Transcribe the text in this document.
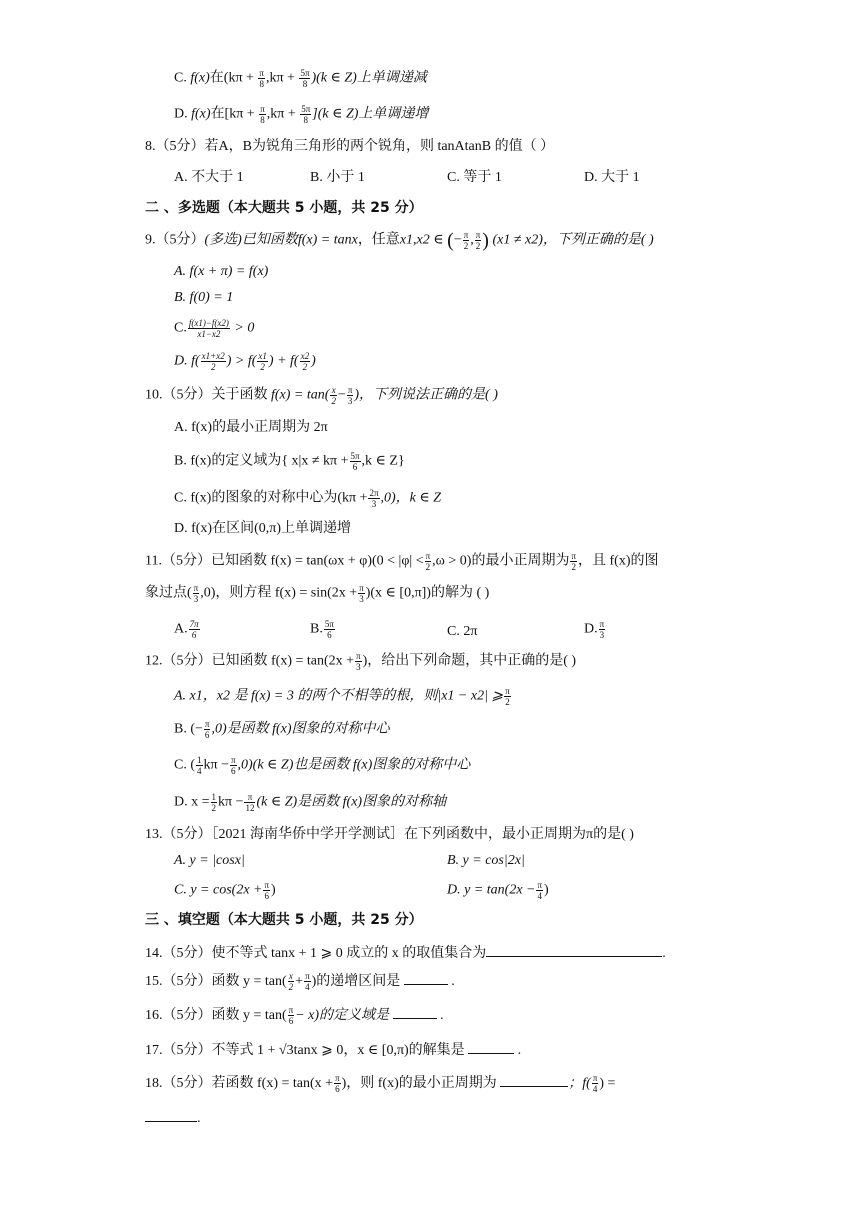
C. f(x)在$(k\pi + \frac{\pi}{8} ,k\pi + \frac{5\pi}{8} )(k$ ∈ Z)上单调递减
D. f(x)在$[k\pi + \frac{\pi}{8} ,k\pi + \frac{5\pi}{8} ](k$ ∈ Z)上单调递增
8.（5分）若A，B为锐角三角形的两个锐角，则 tanAtanB 的值（ ）
A. 不大于 1	B. 小于 1	C. 等于 1	D. 大于 1
二 、多选题（本大题共 5 小题，共 25 分）
9.（5分）(多选)已知函数f(x) = tanx，任意x1,x2 ∈ (− $\frac{\pi}{2}$ , $\frac{\pi}{2}$ ) (x1 ≠ x2)，下列正确的是( )
A. f(x + π) = f(x)
B. f(0) = 1
C. $\frac{f(x1)-f(x2)}{x1-x2} > 0$
D. $f( \frac{x1+x2}{2}$ ) > $f( \frac{x1}{2}$ ) + $f( \frac{x2}{2}$ )
10.（5分）关于函数 $f(x) = \tan( \frac{x}{2} - \frac{\pi}{3}$ )，下列说法正确的是( )
A. f(x)的最小正周期为 2π
B. f(x)的定义域为{ $x|x \ne k\pi + \frac{5\pi}{6} ,k$ ∈ Z}
C. f(x)的图象的对称中心为$(k\pi + \frac{2\pi}{3} ,0)$，k ∈ Z
D. f(x)在区间(0,π)上单调递增
11.（5分）已知函数 $f(x) = \tan(\omega x + \varphi)(0 < |\varphi| < \frac{\pi}{2} ,\omega > 0)$的最小正周期为 $\frac{\pi}{2}$ ，且 f(x)的图
象过点( $\frac{\pi}{3} ,0$)，则方程 $f(x) = \sin(2x + \frac{\pi}{3} )(x$ ∈ [0,π])的解为 ( )
A. $\frac{7\pi}{6}$	B. $\frac{5\pi}{6}$	C. 2π	D. $\frac{\pi}{3}$
12.（5分）已知函数 $f(x) = \tan(2x + \frac{\pi}{3}$ )，给出下列命题，其中正确的是( )
A. x1，x2 是 f(x) = 3 的两个不相等的根，则|x1 − x2| ⩾ $\frac{\pi}{2}$
B. (− $\frac{\pi}{6} ,0$)是函数 f(x)图象的对称中心
C. ( $\frac{1}{4}$ $k\pi - \frac{\pi}{6} ,0)(k$ ∈ Z)也是函数 f(x)图象的对称中心
D. $x = \frac{1}{2}$ $k\pi - \frac{\pi}{12} (k$ ∈ Z)是函数 f(x)图象的对称轴
13.（5分）［2021 海南华侨中学开学测试］在下列函数中，最小正周期为π的是( )
A. y = |cosx|	B. y = cos|2x|
C. $y = \cos(2x + \frac{\pi}{6}$ )	D. $y = \tan(2x - \frac{\pi}{4}$ )
三 、填空题（本大题共 5 小题，共 25 分）
14.（5分）使不等式 tanx + 1 ⩾ 0 成立的 x 的取值集合为	.
15.（5分）函数 $y = \tan( \frac{x}{2} + \frac{\pi}{4}$ )的递增区间是	.
16.（5分）函数 $y = \tan( \frac{\pi}{6} - x)$的定义域是	.
17.（5分）不等式 1 + √3tanx ⩾ 0，x ∈ [0,π)的解集是	.
18.（5分）若函数 $f(x) = \tan(x + \frac{\pi}{6}$ )，则 f(x)的最小正周期为	；$f( \frac{\pi}{4}$ ) =
.
